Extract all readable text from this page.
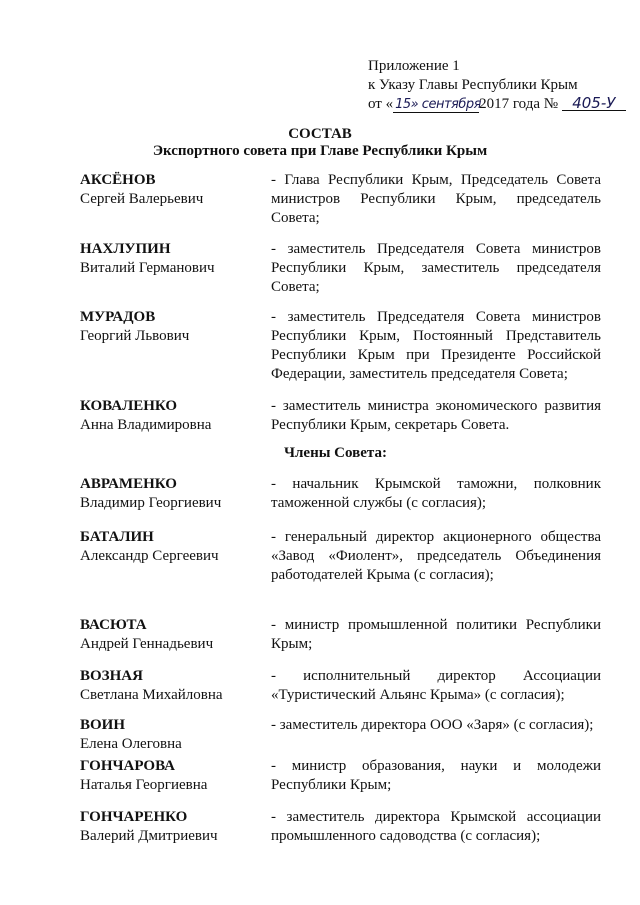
Приложение 1
к Указу Главы Республики Крым
от « 15» сентября2017 года № 405-У
СОСТАВ
Экспортного совета при Главе Республики Крым
АКСЁНОВ
Сергей Валерьевич
- Глава Республики Крым, Председатель Совета министров Республики Крым, председатель Совета;
НАХЛУПИН
Виталий Германович
- заместитель Председателя Совета министров Республики Крым, заместитель председателя Совета;
МУРАДОВ
Георгий Львович
- заместитель Председателя Совета министров Республики Крым, Постоянный Представитель Республики Крым при Президенте Российской Федерации, заместитель председателя Совета;
КОВАЛЕНКО
Анна Владимировна
- заместитель министра экономического развития Республики Крым, секретарь Совета.
Члены Совета:
АВРАМЕНКО
Владимир Георгиевич
- начальник Крымской таможни, полковник таможенной службы (с согласия);
БАТАЛИН
Александр Сергеевич
- генеральный директор акционерного общества «Завод «Фиолент», председатель Объединения работодателей Крыма (с согласия);
ВАСЮТА
Андрей Геннадьевич
- министр промышленной политики Республики Крым;
ВОЗНАЯ
Светлана Михайловна
- исполнительный директор Ассоциации «Туристический Альянс Крыма» (с согласия);
ВОИН
Елена Олеговна
- заместитель директора ООО «Заря» (с согласия);
ГОНЧАРОВА
Наталья Георгиевна
- министр образования, науки и молодежи Республики Крым;
ГОНЧАРЕНКО
Валерий Дмитриевич
- заместитель директора Крымской ассоциации промышленного садоводства (с согласия);
